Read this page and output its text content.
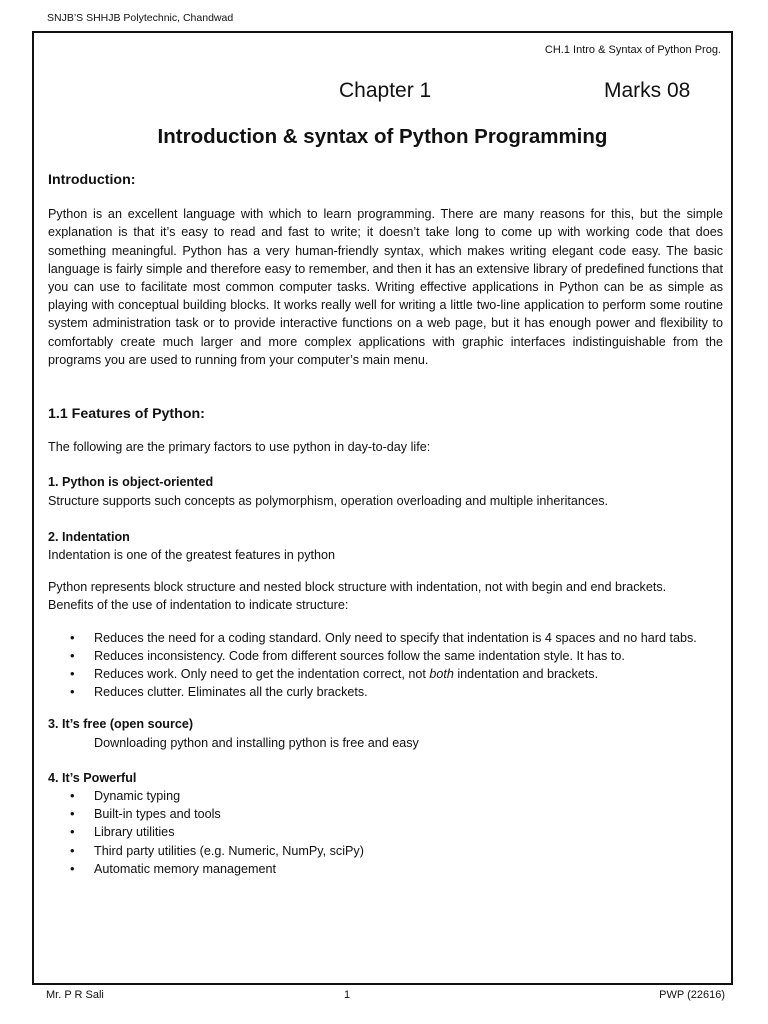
SNJB’S SHHJB Polytechnic, Chandwad
CH.1 Intro & Syntax of Python Prog.
Chapter 1	Marks 08
Introduction & syntax of Python Programming
Introduction:

Python is an excellent language with which to learn programming. There are many reasons for this, but the simple explanation is that it’s easy to read and fast to write; it doesn’t take long to come up with working code that does something meaningful. Python has a very human-friendly syntax, which makes writing elegant code easy. The basic language is fairly simple and therefore easy to remember, and then it has an extensive library of predefined functions that you can use to facilitate most common computer tasks. Writing effective applications in Python can be as simple as playing with conceptual building blocks. It works really well for writing a little two-line application to perform some routine system administration task or to provide interactive functions on a web page, but it has enough power and flexibility to comfortably create much larger and more complex applications with graphic interfaces indistinguishable from the programs you are used to running from your computer’s main menu.

1.1 Features of Python:

The following are the primary factors to use python in day-to-day life:

1. Python is object-oriented

Structure supports such concepts as polymorphism, operation overloading and multiple inheritances.

2. Indentation

Indentation is one of the greatest features in python

Python represents block structure and nested block structure with indentation, not with begin and end brackets.

Benefits of the use of indentation to indicate structure:

• Reduces the need for a coding standard. Only need to specify that indentation is 4 spaces and no hard tabs.
• Reduces inconsistency. Code from different sources follow the same indentation style. It has to.
• Reduces work. Only need to get the indentation correct, not both indentation and brackets.
• Reduces clutter. Eliminates all the curly brackets.
3. It’s free (open source)
Downloading python and installing python is free and easy
4. It’s Powerful
• Dynamic typing
• Built-in types and tools
• Library utilities
• Third party utilities (e.g. Numeric, NumPy, sciPy)
• Automatic memory management
Mr. P R Sali	1	PWP (22616)
